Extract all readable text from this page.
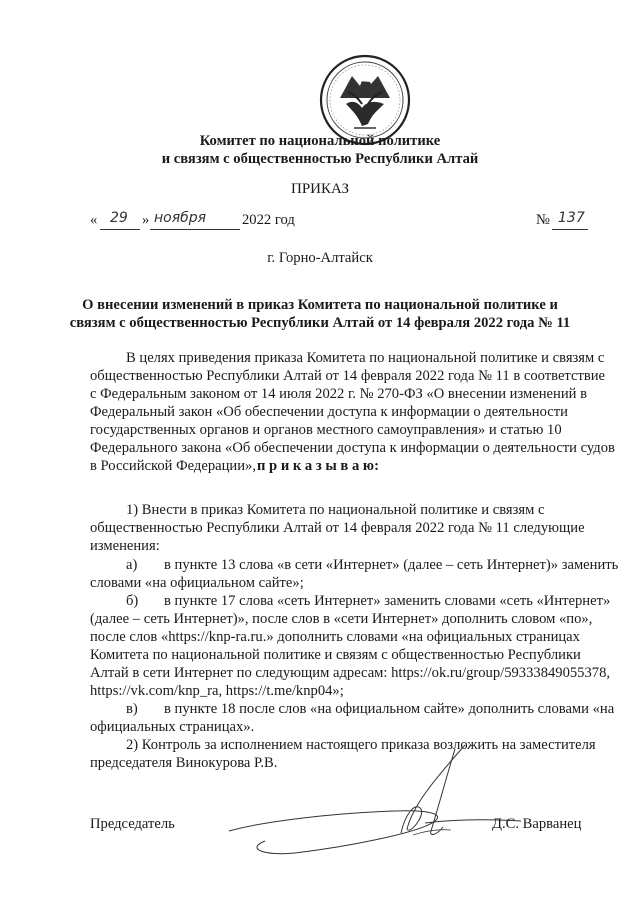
Комитет по национальной политике
и связям с общественностью Республики Алтай
ПРИКАЗ
« 29 » ноября 2022 год	№ 137
г. Горно-Алтайск
О внесении изменений в приказ Комитета по национальной политике и
связям с общественностью Республики Алтай от 14 февраля 2022 года № 11
В целях приведения приказа Комитета по национальной политике и связям с
общественностью Республики Алтай от 14 февраля 2022 года № 11 в соответствие
с Федеральным законом от 14 июля 2022 г. № 270-ФЗ «О внесении изменений в
Федеральный закон «Об обеспечении доступа к информации о деятельности
государственных органов и органов местного самоуправления» и статью 10
Федерального закона «Об обеспечении доступа к информации о деятельности судов
в Российской Федерации», п р и к а з ы в а ю:
1) Внести в приказ Комитета по национальной политике и связям с
общественностью Республики Алтай от 14 февраля 2022 года № 11 следующие
изменения:
а) в пункте 13 слова «в сети «Интернет» (далее – сеть Интернет)» заменить
словами «на официальном сайте»;
б) в пункте 17 слова «сеть Интернет» заменить словами «сеть «Интернет»
(далее – сеть Интернет)», после слов в «сети Интернет» дополнить словом «по»,
после слов «https://knp-ra.ru.» дополнить словами «на официальных страницах
Комитета по национальной политике и связям с общественностью Республики
Алтай в сети Интернет по следующим адресам: https://ok.ru/group/59333849055378,
https://vk.com/knp_ra, https://t.me/knp04»;
в) в пункте 18 после слов «на официальном сайте» дополнить словами «на
официальных страницах».
2) Контроль за исполнением настоящего приказа возложить на заместителя
председателя Винокурова Р.В.
Председатель	Д.С. Варванец
